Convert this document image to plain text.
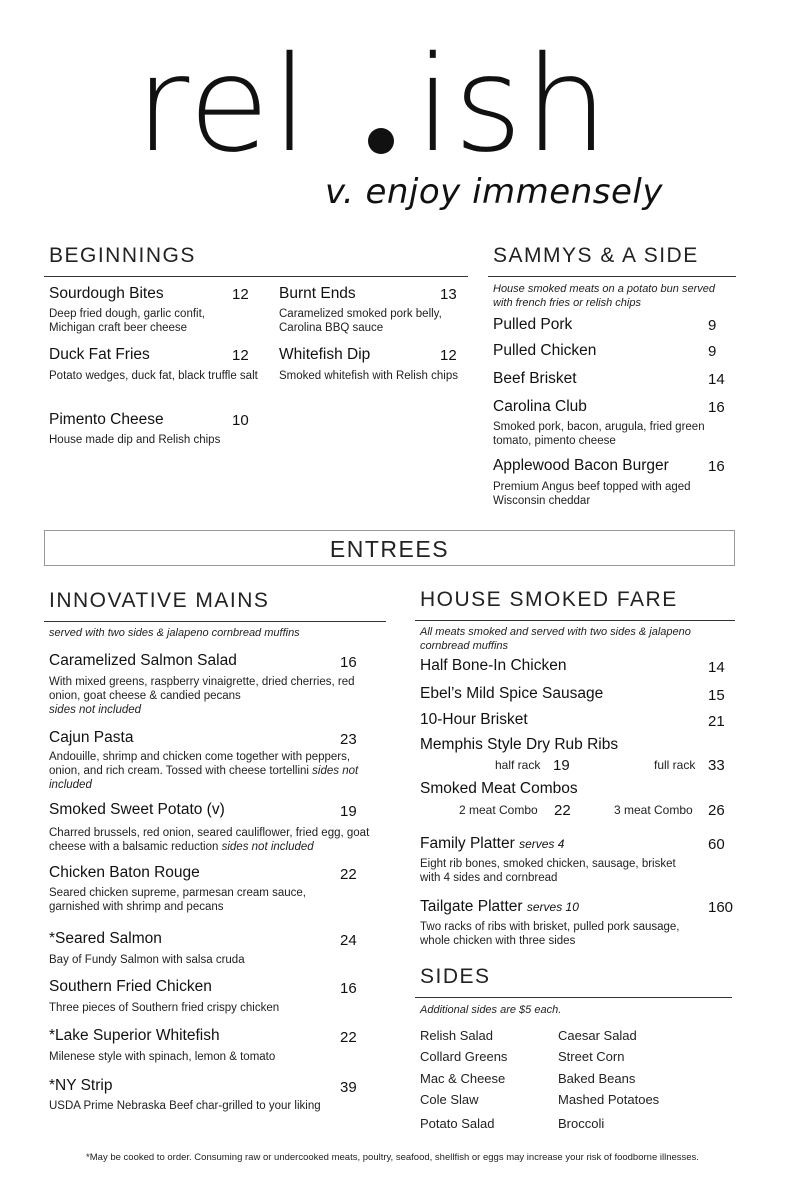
rel ish
v. enjoy immensely
BEGINNINGS
Sourdough Bites	12
Deep fried dough, garlic confit, Michigan craft beer cheese
Duck Fat Fries	12
Potato wedges, duck fat, black truffle salt
Pimento Cheese	10
House made dip and Relish chips
Burnt Ends	13
Caramelized smoked pork belly, Carolina BBQ sauce
Whitefish Dip	12
Smoked whitefish with Relish chips
SAMMYS & A SIDE
House smoked meats on a potato bun served with french fries or relish chips
Pulled Pork	9
Pulled Chicken	9
Beef Brisket	14
Carolina Club	16
Smoked pork, bacon, arugula, fried green tomato, pimento cheese
Applewood Bacon Burger	16
Premium Angus beef topped with aged Wisconsin cheddar
ENTREES
INNOVATIVE MAINS
served with two sides & jalapeno cornbread muffins
Caramelized Salmon Salad	16
With mixed greens, raspberry vinaigrette, dried cherries, red onion, goat cheese & candied pecans
sides not included
Cajun Pasta	23
Andouille, shrimp and chicken come together with peppers, onion, and rich cream. Tossed with cheese tortellini sides not included
Smoked Sweet Potato (v)	19
Charred brussels, red onion, seared cauliflower, fried egg, goat cheese with a balsamic reduction sides not included
Chicken Baton Rouge	22
Seared chicken supreme, parmesan cream sauce, garnished with shrimp and pecans
*Seared Salmon	24
Bay of Fundy Salmon with salsa cruda
Southern Fried Chicken	16
Three pieces of Southern fried crispy chicken
*Lake Superior Whitefish	22
Milenese style with spinach, lemon & tomato
*NY Strip	39
USDA Prime Nebraska Beef char-grilled to your liking
HOUSE SMOKED FARE
All meats smoked and served with two sides & jalapeno cornbread muffins
Half Bone-In Chicken	14
Ebel’s Mild Spice Sausage	15
10-Hour Brisket	21
Memphis Style Dry Rub Ribs
half rack 19	full rack 33
Smoked Meat Combos
2 meat Combo 22	3 meat Combo 26
Family Platter serves 4	60
Eight rib bones, smoked chicken, sausage, brisket with 4 sides and cornbread
Tailgate Platter serves 10	160
Two racks of ribs with brisket, pulled pork sausage, whole chicken with three sides
SIDES
Additional sides are $5 each.
Relish Salad
Collard Greens
Mac & Cheese
Cole Slaw
Potato Salad
Caesar Salad
Street Corn
Baked Beans
Mashed Potatoes
Broccoli
*May be cooked to order. Consuming raw or undercooked meats, poultry, seafood, shellfish or eggs may increase your risk of foodborne illnesses.
